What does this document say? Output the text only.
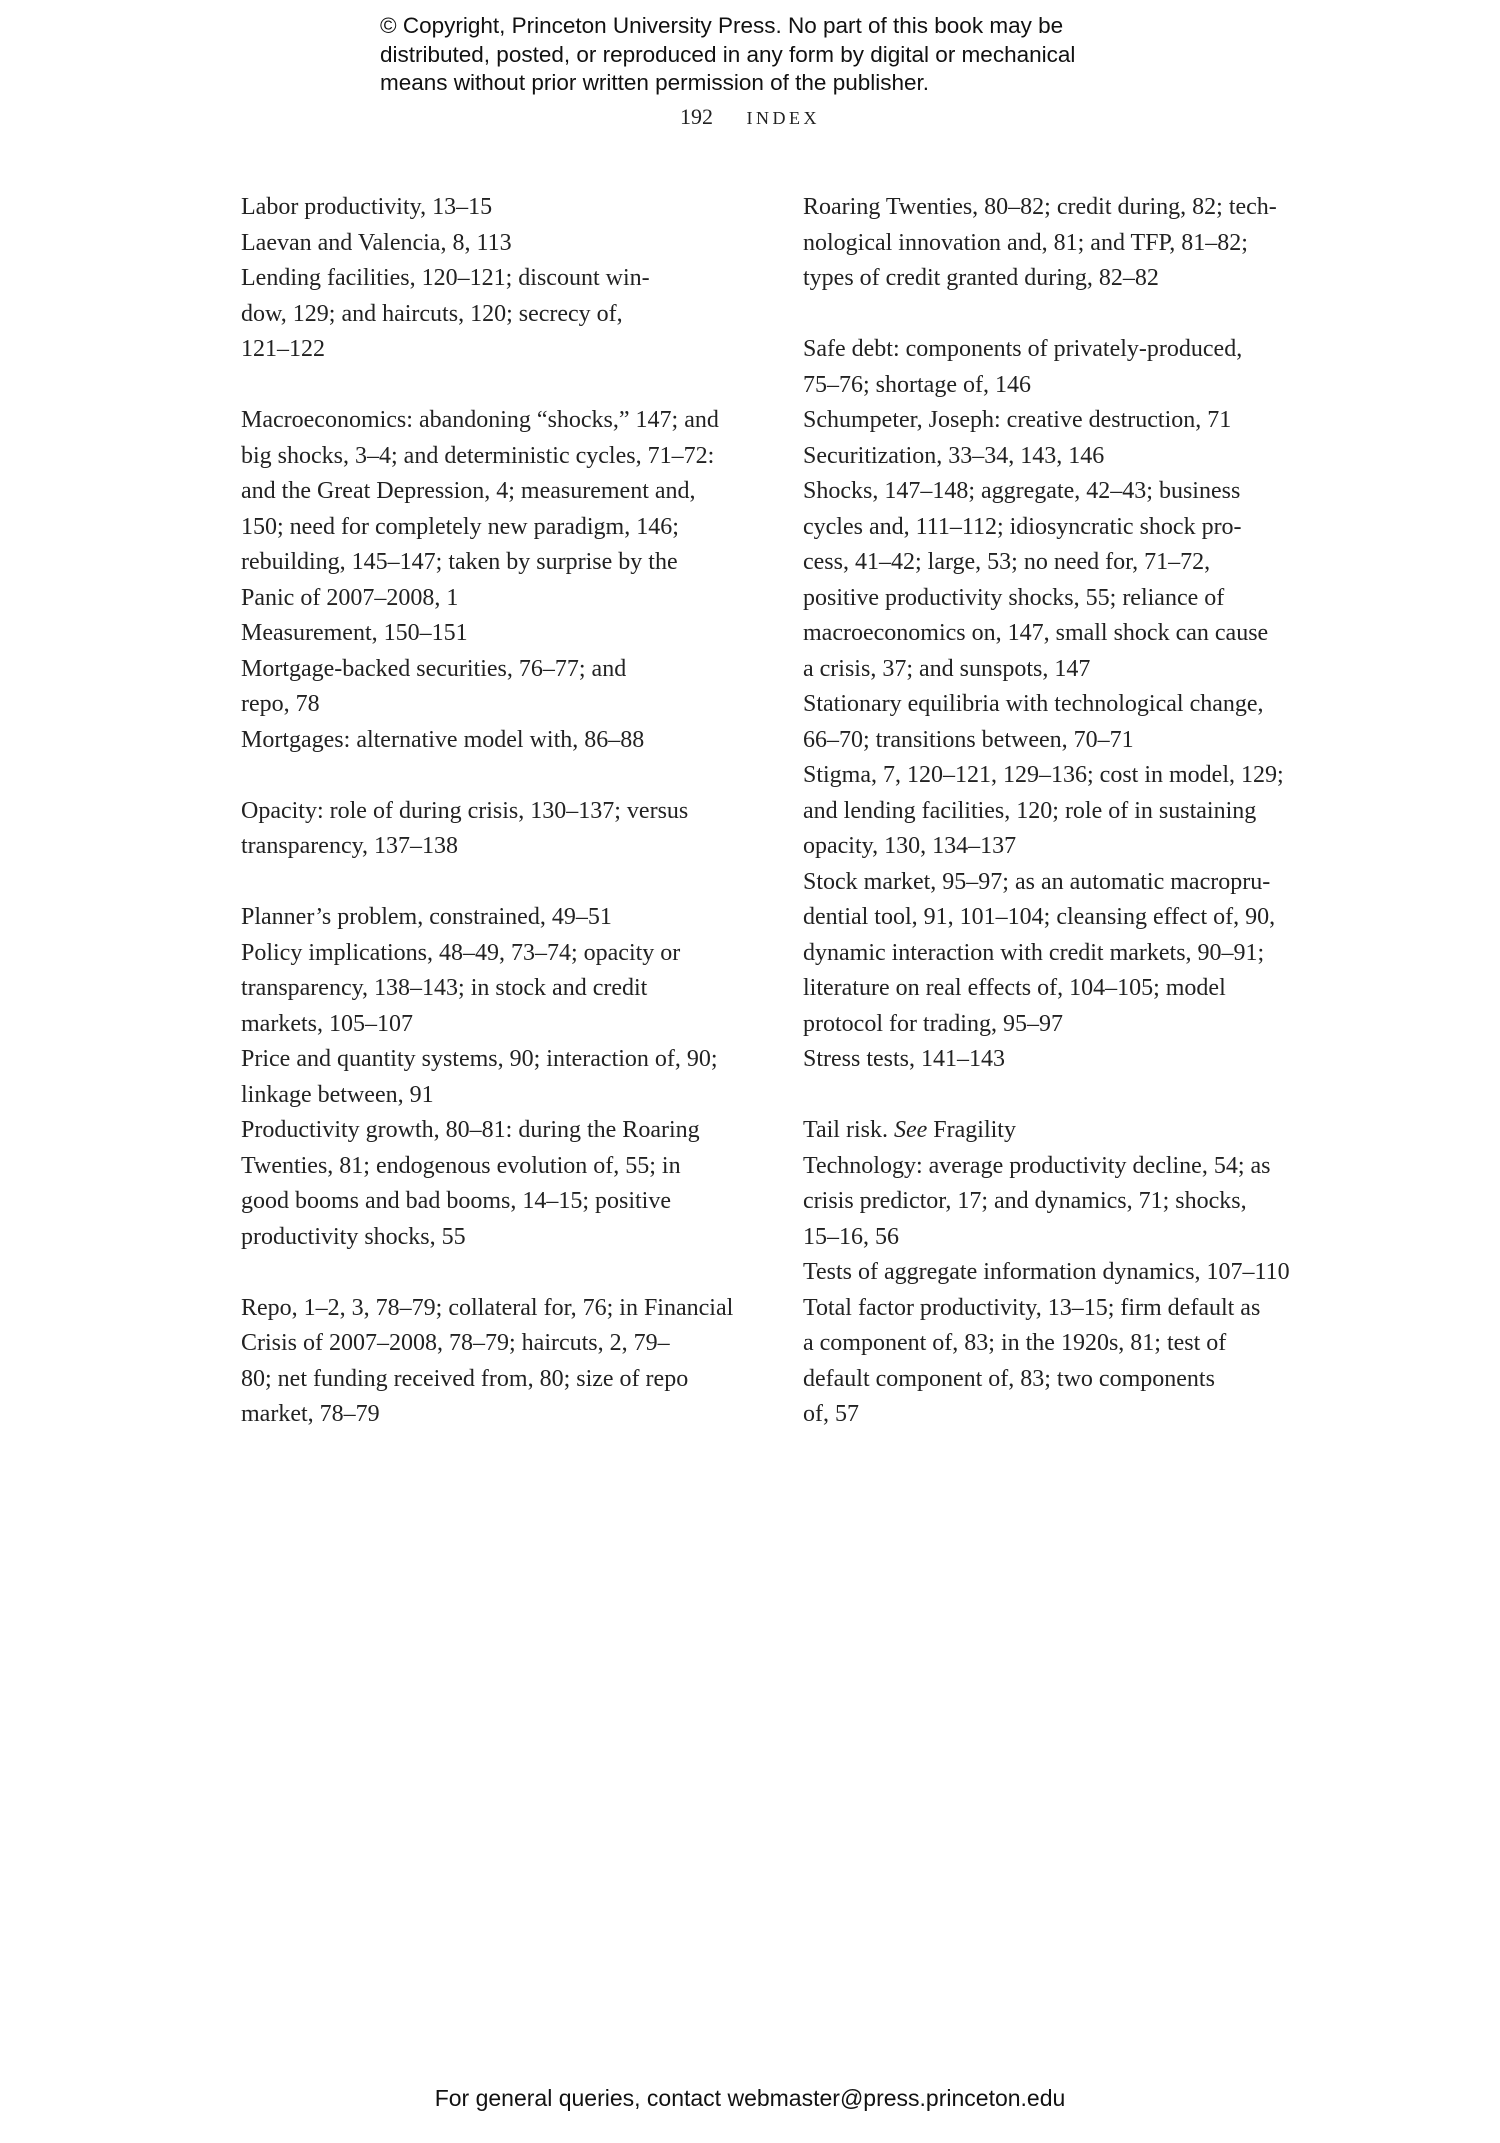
© Copyright, Princeton University Press. No part of this book may be
distributed, posted, or reproduced in any form by digital or mechanical
means without prior written permission of the publisher.
192 INDEX
Labor productivity, 13–15
Laevan and Valencia, 8, 113
Lending facilities, 120–121; discount win-
dow, 129; and haircuts, 120; secrecy of,
121–122
Macroeconomics: abandoning “shocks,” 147; and
big shocks, 3–4; and deterministic cycles, 71–72:
and the Great Depression, 4; measurement and,
150; need for completely new paradigm, 146;
rebuilding, 145–147; taken by surprise by the
Panic of 2007–2008, 1
Measurement, 150–151
Mortgage-backed securities, 76–77; and
repo, 78
Mortgages: alternative model with, 86–88
Opacity: role of during crisis, 130–137; versus
transparency, 137–138
Planner’s problem, constrained, 49–51
Policy implications, 48–49, 73–74; opacity or
transparency, 138–143; in stock and credit
markets, 105–107
Price and quantity systems, 90; interaction of, 90;
linkage between, 91
Productivity growth, 80–81: during the Roaring
Twenties, 81; endogenous evolution of, 55; in
good booms and bad booms, 14–15; positive
productivity shocks, 55
Repo, 1–2, 3, 78–79; collateral for, 76; in Financial
Crisis of 2007–2008, 78–79; haircuts, 2, 79–
80; net funding received from, 80; size of repo
market, 78–79
Roaring Twenties, 80–82; credit during, 82; tech-
nological innovation and, 81; and TFP, 81–82;
types of credit granted during, 82–82
Safe debt: components of privately-produced,
75–76; shortage of, 146
Schumpeter, Joseph: creative destruction, 71
Securitization, 33–34, 143, 146
Shocks, 147–148; aggregate, 42–43; business
cycles and, 111–112; idiosyncratic shock pro-
cess, 41–42; large, 53; no need for, 71–72,
positive productivity shocks, 55; reliance of
macroeconomics on, 147, small shock can cause
a crisis, 37; and sunspots, 147
Stationary equilibria with technological change,
66–70; transitions between, 70–71
Stigma, 7, 120–121, 129–136; cost in model, 129;
and lending facilities, 120; role of in sustaining
opacity, 130, 134–137
Stock market, 95–97; as an automatic macropru-
dential tool, 91, 101–104; cleansing effect of, 90,
dynamic interaction with credit markets, 90–91;
literature on real effects of, 104–105; model
protocol for trading, 95–97
Stress tests, 141–143
Tail risk. See Fragility
Technology: average productivity decline, 54; as
crisis predictor, 17; and dynamics, 71; shocks,
15–16, 56
Tests of aggregate information dynamics, 107–110
Total factor productivity, 13–15; firm default as
a component of, 83; in the 1920s, 81; test of
default component of, 83; two components
of, 57
For general queries, contact webmaster@press.princeton.edu
